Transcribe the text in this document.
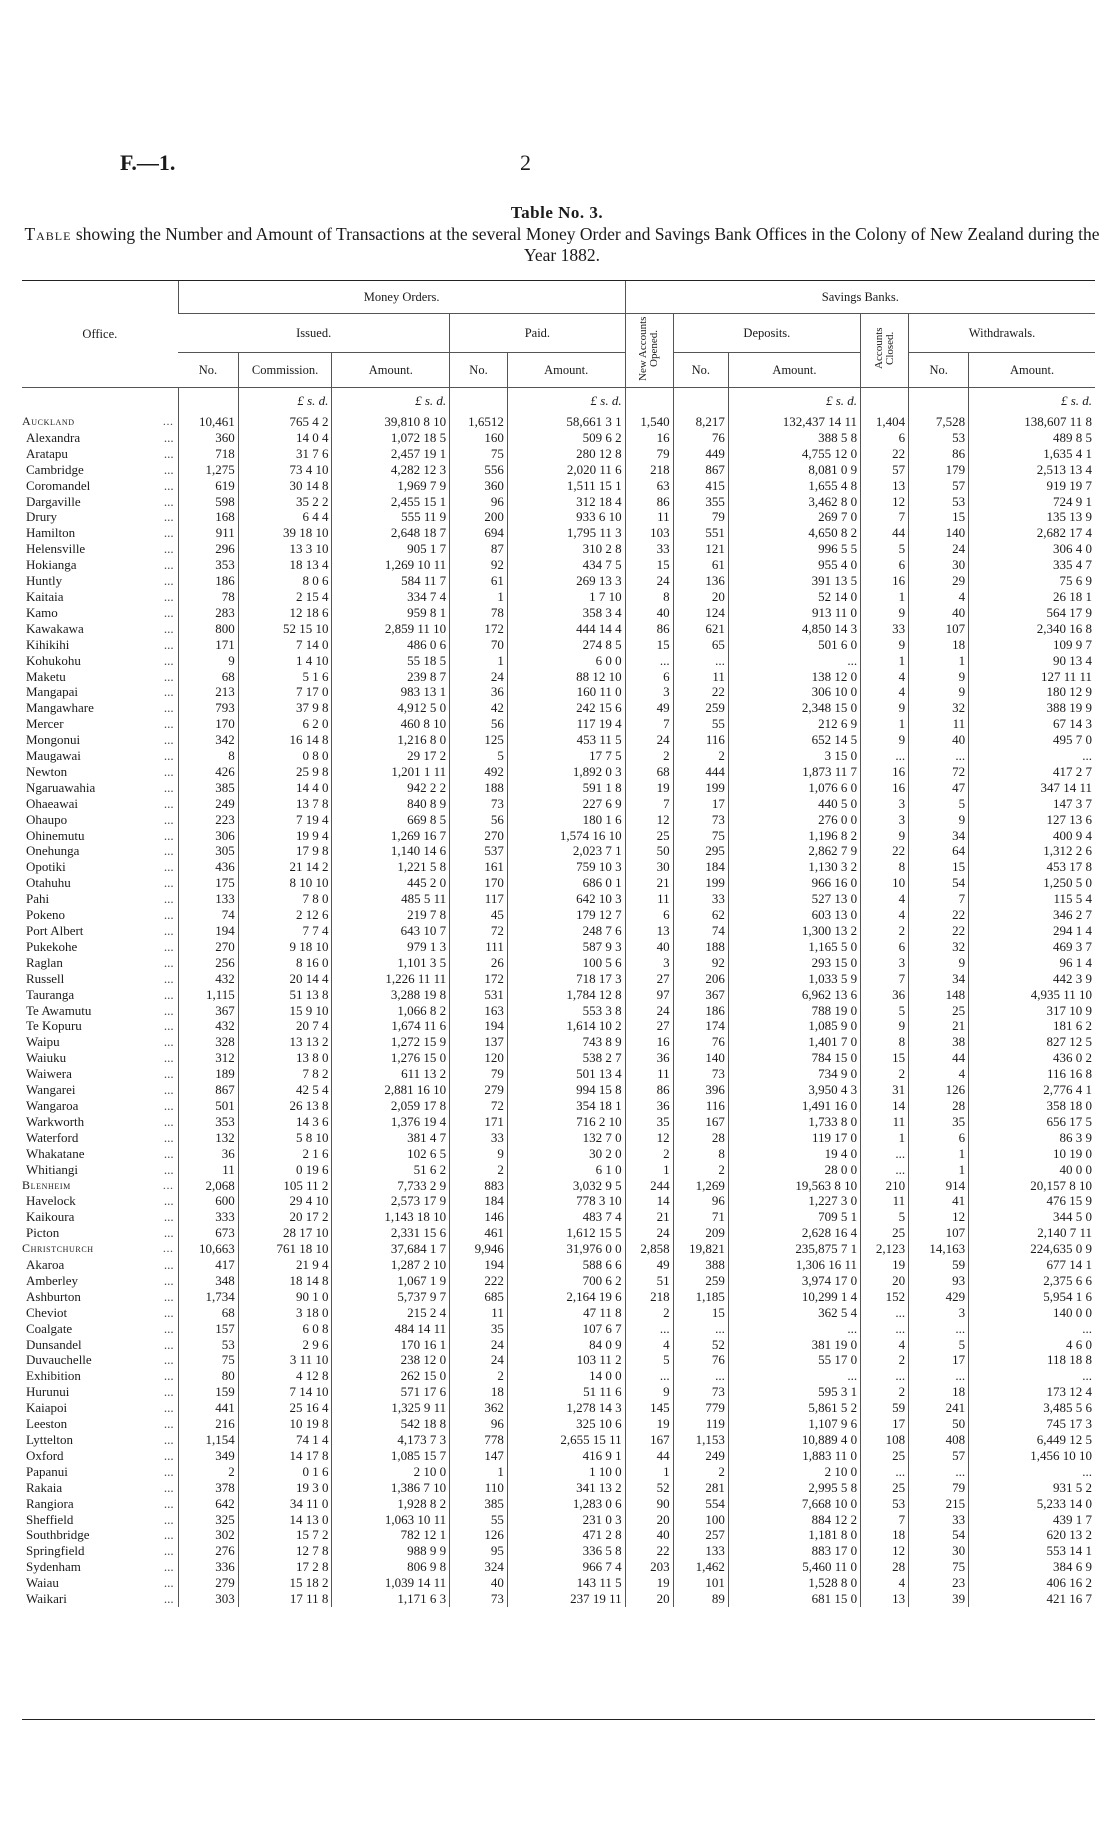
F.—1.	2
Table No. 3.
Table showing the Number and Amount of Transactions at the several Money Order and Savings Bank Offices in the Colony of New Zealand during the Year 1882.
Office.	Money Orders.					Savings Banks.					
	Issued.			Paid.		New Accounts Opened.	Deposits.		Accounts Closed.	Withdrawals.	
	No.	Commission.	Amount.	No.	Amount.		No.	Amount.		No.	Amount.
		£ s. d.	£ s. d.		£ s. d.			£ s. d.			£ s. d.
Auckland ...	10,461	765 4 2	39,810 8 10	1,6512	58,661 3 1	1,540	8,217	132,437 14 11	1,404	7,528	138,607 11 8
Alexandra ...	360	14 0 4	1,072 18 5	160	509 6 2	16	76	388 5 8	6	53	489 8 5
Aratapu ...	718	31 7 6	2,457 19 1	75	280 12 8	79	449	4,755 12 0	22	86	1,635 4 1
Cambridge ...	1,275	73 4 10	4,282 12 3	556	2,020 11 6	218	867	8,081 0 9	57	179	2,513 13 4
Coromandel ...	619	30 14 8	1,969 7 9	360	1,511 15 1	63	415	1,655 4 8	13	57	919 19 7
Dargaville ...	598	35 2 2	2,455 15 1	96	312 18 4	86	355	3,462 8 0	12	53	724 9 1
Drury ...	168	6 4 4	555 11 9	200	933 6 10	11	79	269 7 0	7	15	135 13 9
Hamilton ...	911	39 18 10	2,648 18 7	694	1,795 11 3	103	551	4,650 8 2	44	140	2,682 17 4
Helensville ...	296	13 3 10	905 1 7	87	310 2 8	33	121	996 5 5	5	24	306 4 0
Hokianga ...	353	18 13 4	1,269 10 11	92	434 7 5	15	61	955 4 0	6	30	335 4 7
Huntly ...	186	8 0 6	584 11 7	61	269 13 3	24	136	391 13 5	16	29	75 6 9
Kaitaia ...	78	2 15 4	334 7 4	1	1 7 10	8	20	52 14 0	1	4	26 18 1
Kamo ...	283	12 18 6	959 8 1	78	358 3 4	40	124	913 11 0	9	40	564 17 9
Kawakawa ...	800	52 15 10	2,859 11 10	172	444 14 4	86	621	4,850 14 3	33	107	2,340 16 8
Kihikihi ...	171	7 14 0	486 0 6	70	274 8 5	15	65	501 6 0	9	18	109 9 7
Kohukohu ...	9	1 4 10	55 18 5	1	6 0 0	...	...	...	1	1	90 13 4
Maketu ...	68	5 1 6	239 8 7	24	88 12 10	6	11	138 12 0	4	9	127 11 11
Mangapai ...	213	7 17 0	983 13 1	36	160 11 0	3	22	306 10 0	4	9	180 12 9
Mangawhare ...	793	37 9 8	4,912 5 0	42	242 15 6	49	259	2,348 15 0	9	32	388 19 9
Mercer ...	170	6 2 0	460 8 10	56	117 19 4	7	55	212 6 9	1	11	67 14 3
Mongonui ...	342	16 14 8	1,216 8 0	125	453 11 5	24	116	652 14 5	9	40	495 7 0
Maugawai ...	8	0 8 0	29 17 2	5	17 7 5	2	2	3 15 0	...	...	...
Newton ...	426	25 9 8	1,201 1 11	492	1,892 0 3	68	444	1,873 11 7	16	72	417 2 7
Ngaruawahia ...	385	14 4 0	942 2 2	188	591 1 8	19	199	1,076 6 0	16	47	347 14 11
Ohaeawai ...	249	13 7 8	840 8 9	73	227 6 9	7	17	440 5 0	3	5	147 3 7
Ohaupo ...	223	7 19 4	669 8 5	56	180 1 6	12	73	276 0 0	3	9	127 13 6
Ohinemutu ...	306	19 9 4	1,269 16 7	270	1,574 16 10	25	75	1,196 8 2	9	34	400 9 4
Onehunga ...	305	17 9 8	1,140 14 6	537	2,023 7 1	50	295	2,862 7 9	22	64	1,312 2 6
Opotiki ...	436	21 14 2	1,221 5 8	161	759 10 3	30	184	1,130 3 2	8	15	453 17 8
Otahuhu ...	175	8 10 10	445 2 0	170	686 0 1	21	199	966 16 0	10	54	1,250 5 0
Pahi ...	133	7 8 0	485 5 11	117	642 10 3	11	33	527 13 0	4	7	115 5 4
Pokeno ...	74	2 12 6	219 7 8	45	179 12 7	6	62	603 13 0	4	22	346 2 7
Port Albert ...	194	7 7 4	643 10 7	72	248 7 6	13	74	1,300 13 2	2	22	294 1 4
Pukekohe ...	270	9 18 10	979 1 3	111	587 9 3	40	188	1,165 5 0	6	32	469 3 7
Raglan ...	256	8 16 0	1,101 3 5	26	100 5 6	3	92	293 15 0	3	9	96 1 4
Russell ...	432	20 14 4	1,226 11 11	172	718 17 3	27	206	1,033 5 9	7	34	442 3 9
Tauranga ...	1,115	51 13 8	3,288 19 8	531	1,784 12 8	97	367	6,962 13 6	36	148	4,935 11 10
Te Awamutu ...	367	15 9 10	1,066 8 2	163	553 3 8	24	186	788 19 0	5	25	317 10 9
Te Kopuru ...	432	20 7 4	1,674 11 6	194	1,614 10 2	27	174	1,085 9 0	9	21	181 6 2
Waipu ...	328	13 13 2	1,272 15 9	137	743 8 9	16	76	1,401 7 0	8	38	827 12 5
Waiuku ...	312	13 8 0	1,276 15 0	120	538 2 7	36	140	784 15 0	15	44	436 0 2
Waiwera ...	189	7 8 2	611 13 2	79	501 13 4	11	73	734 9 0	2	4	116 16 8
Wangarei ...	867	42 5 4	2,881 16 10	279	994 15 8	86	396	3,950 4 3	31	126	2,776 4 1
Wangaroa ...	501	26 13 8	2,059 17 8	72	354 18 1	36	116	1,491 16 0	14	28	358 18 0
Warkworth ...	353	14 3 6	1,376 19 4	171	716 2 10	35	167	1,733 8 0	11	35	656 17 5
Waterford ...	132	5 8 10	381 4 7	33	132 7 0	12	28	119 17 0	1	6	86 3 9
Whakatane ...	36	2 1 6	102 6 5	9	30 2 0	2	8	19 4 0	...	1	10 19 0
Whitiangi ...	11	0 19 6	51 6 2	2	6 1 0	1	2	28 0 0	...	1	40 0 0
Blenheim ...	2,068	105 11 2	7,733 2 9	883	3,032 9 5	244	1,269	19,563 8 10	210	914	20,157 8 10
Havelock ...	600	29 4 10	2,573 17 9	184	778 3 10	14	96	1,227 3 0	11	41	476 15 9
Kaikoura ...	333	20 17 2	1,143 18 10	146	483 7 4	21	71	709 5 1	5	12	344 5 0
Picton ...	673	28 17 10	2,331 15 6	461	1,612 15 5	24	209	2,628 16 4	25	107	2,140 7 11
Christchurch ...	10,663	761 18 10	37,684 1 7	9,946	31,976 0 0	2,858	19,821	235,875 7 1	2,123	14,163	224,635 0 9
Akaroa ...	417	21 9 4	1,287 2 10	194	588 6 6	49	388	1,306 16 11	19	59	677 14 1
Amberley ...	348	18 14 8	1,067 1 9	222	700 6 2	51	259	3,974 17 0	20	93	2,375 6 6
Ashburton ...	1,734	90 1 0	5,737 9 7	685	2,164 19 6	218	1,185	10,299 1 4	152	429	5,954 1 6
Cheviot ...	68	3 18 0	215 2 4	11	47 11 8	2	15	362 5 4	...	3	140 0 0
Coalgate ...	157	6 0 8	484 14 11	35	107 6 7	...	...	...	...	...	...
Dunsandel ...	53	2 9 6	170 16 1	24	84 0 9	4	52	381 19 0	4	5	4 6 0
Duvauchelle ...	75	3 11 10	238 12 0	24	103 11 2	5	76	55 17 0	2	17	118 18 8
Exhibition ...	80	4 12 8	262 15 0	2	14 0 0	...	...	...	...	...	...
Hurunui ...	159	7 14 10	571 17 6	18	51 11 6	9	73	595 3 1	2	18	173 12 4
Kaiapoi ...	441	25 16 4	1,325 9 11	362	1,278 14 3	145	779	5,861 5 2	59	241	3,485 5 6
Leeston ...	216	10 19 8	542 18 8	96	325 10 6	19	119	1,107 9 6	17	50	745 17 3
Lyttelton ...	1,154	74 1 4	4,173 7 3	778	2,655 15 11	167	1,153	10,889 4 0	108	408	6,449 12 5
Oxford ...	349	14 17 8	1,085 15 7	147	416 9 1	44	249	1,883 11 0	25	57	1,456 10 10
Papanui ...	2	0 1 6	2 10 0	1	1 10 0	1	2	2 10 0	...	...	...
Rakaia ...	378	19 3 0	1,386 7 10	110	341 13 2	52	281	2,995 5 8	25	79	931 5 2
Rangiora ...	642	34 11 0	1,928 8 2	385	1,283 0 6	90	554	7,668 10 0	53	215	5,233 14 0
Sheffield ...	325	14 13 0	1,063 10 11	55	231 0 3	20	100	884 12 2	7	33	439 1 7
Southbridge ...	302	15 7 2	782 12 1	126	471 2 8	40	257	1,181 8 0	18	54	620 13 2
Springfield ...	276	12 7 8	988 9 9	95	336 5 8	22	133	883 17 0	12	30	553 14 1
Sydenham ...	336	17 2 8	806 9 8	324	966 7 4	203	1,462	5,460 11 0	28	75	384 6 9
Waiau ...	279	15 18 2	1,039 14 11	40	143 11 5	19	101	1,528 8 0	4	23	406 16 2
Waikari ...	303	17 11 8	1,171 6 3	73	237 19 11	20	89	681 15 0	13	39	421 16 7
